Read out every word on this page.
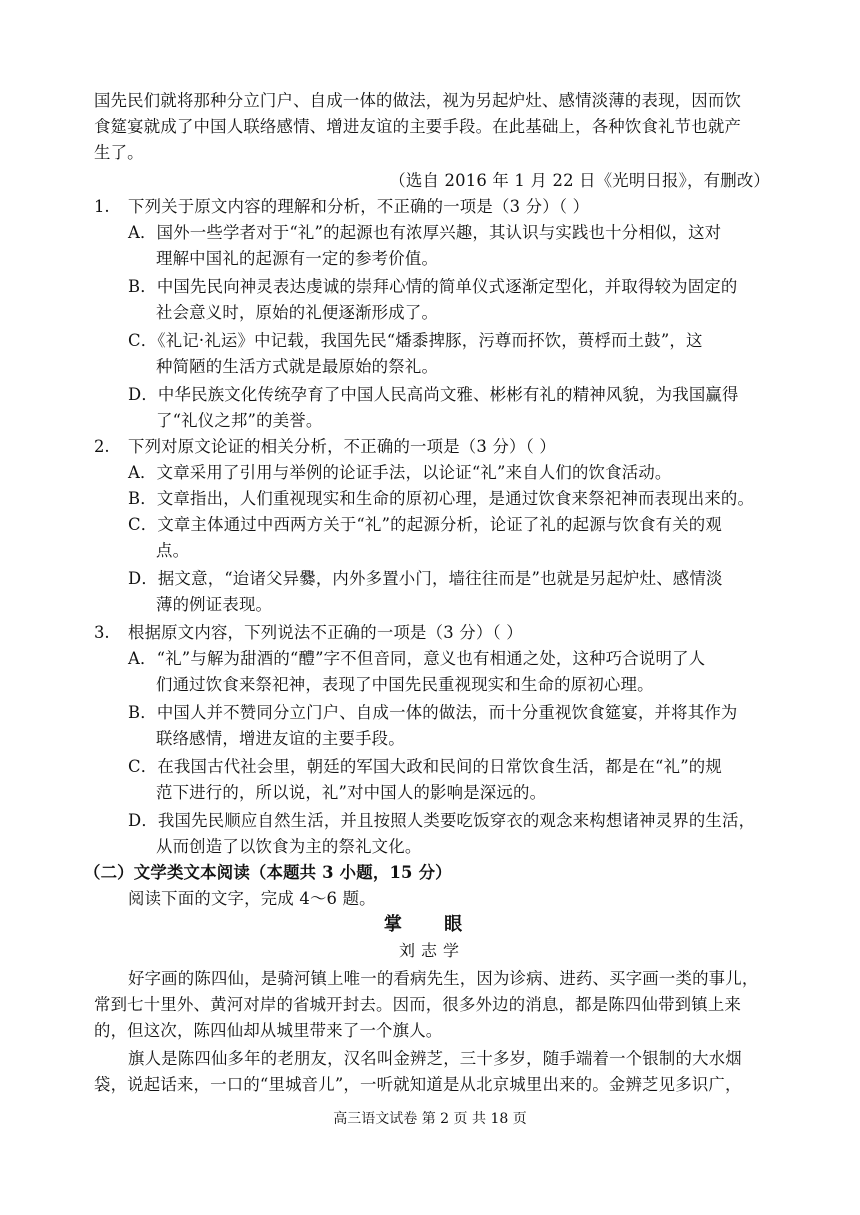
国先民们就将那种分立门户、自成一体的做法，视为另起炉灶、感情淡薄的表现，因而饮
食筵宴就成了中国人联络感情、增进友谊的主要手段。在此基础上，各种饮食礼节也就产
生了。
（选自 2016 年 1 月 22 日《光明日报》，有删改）
1. 下列关于原文内容的理解和分析，不正确的一项是（3 分）（ ）
A．国外一些学者对于“礼”的起源也有浓厚兴趣，其认识与实践也十分相似，这对
理解中国礼的起源有一定的参考价值。
B．中国先民向神灵表达虔诚的崇拜心情的简单仪式逐渐定型化，并取得较为固定的
社会意义时，原始的礼便逐渐形成了。
C．《礼记·礼运》中记载，我国先民“燔黍捭豚，污尊而抔饮，蒉桴而土鼓”，这
种简陋的生活方式就是最原始的祭礼。
D．中华民族文化传统孕育了中国人民高尚文雅、彬彬有礼的精神风貌，为我国赢得
了“礼仪之邦”的美誉。
2. 下列对原文论证的相关分析，不正确的一项是（3 分）（ ）
A．文章采用了引用与举例的论证手法，以论证“礼”来自人们的饮食活动。
B．文章指出，人们重视现实和生命的原初心理，是通过饮食来祭祀神而表现出来的。
C．文章主体通过中西两方关于“礼”的起源分析，论证了礼的起源与饮食有关的观
点。
D．据文意，“迨诸父异爨，内外多置小门，墙往往而是”也就是另起炉灶、感情淡
薄的例证表现。
3. 根据原文内容，下列说法不正确的一项是（3 分）（ ）
A．“礼”与解为甜酒的“醴”字不但音同，意义也有相通之处，这种巧合说明了人
们通过饮食来祭祀神，表现了中国先民重视现实和生命的原初心理。
B．中国人并不赞同分立门户、自成一体的做法，而十分重视饮食筵宴，并将其作为
联络感情，增进友谊的主要手段。
C．在我国古代社会里，朝廷的军国大政和民间的日常饮食生活，都是在“礼”的规
范下进行的，所以说，礼”对中国人的影响是深远的。
D．我国先民顺应自然生活，并且按照人类要吃饭穿衣的观念来构想诸神灵界的生活，
从而创造了以饮食为主的祭礼文化。
（二）文学类文本阅读（本题共 3 小题，15 分）
阅读下面的文字，完成 4～6 题。
掌 眼
刘志学
好字画的陈四仙，是骑河镇上唯一的看病先生，因为诊病、进药、买字画一类的事儿，
常到七十里外、黄河对岸的省城开封去。因而，很多外边的消息，都是陈四仙带到镇上来
的，但这次，陈四仙却从城里带来了一个旗人。
旗人是陈四仙多年的老朋友，汉名叫金辨芝，三十多岁，随手端着一个银制的大水烟
袋，说起话来，一口的“里城音儿”，一听就知道是从北京城里出来的。金辨芝见多识广，
高三语文试卷 第 2 页 共 18 页
